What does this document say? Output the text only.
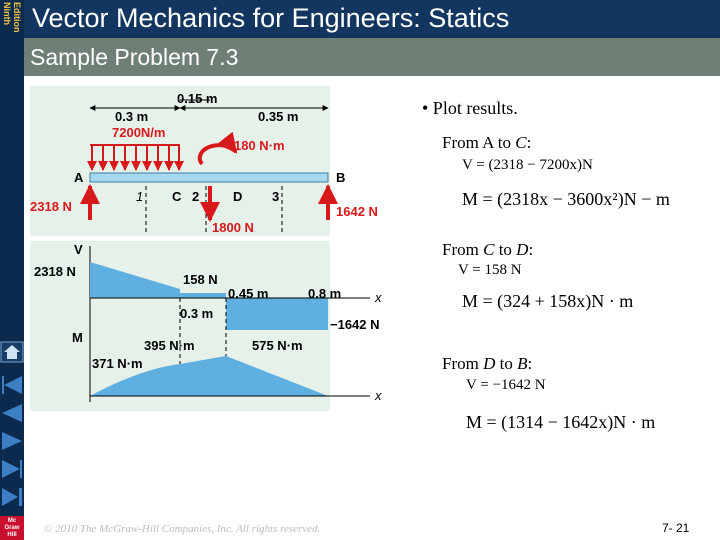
Ninth Edition
Mc
Graw
Hill
Vector Mechanics for Engineers: Statics
Sample Problem 7.3
0.15 m
0.3 m	0.35 m
7200N/m
180 N·m
A	B
1 C 2	D 3
2318 N
1800 N
1642 N
V
x
2318 N
158 N
0.45 m	0.8 m
0.3 m
−1642 N
M
x
395 N·m	575 N·m
371 N·m
• Plot results.
From A to C:
V = (2318 − 7200x)N
M = (2318x − 3600x²)N − m
From C to D:
V = 158 N
M = (324 + 158x)N · m
From D to B:
V = −1642 N
M = (1314 − 1642x)N · m
© 2010 The McGraw-Hill Companies, Inc. All rights reserved.	7- 21
